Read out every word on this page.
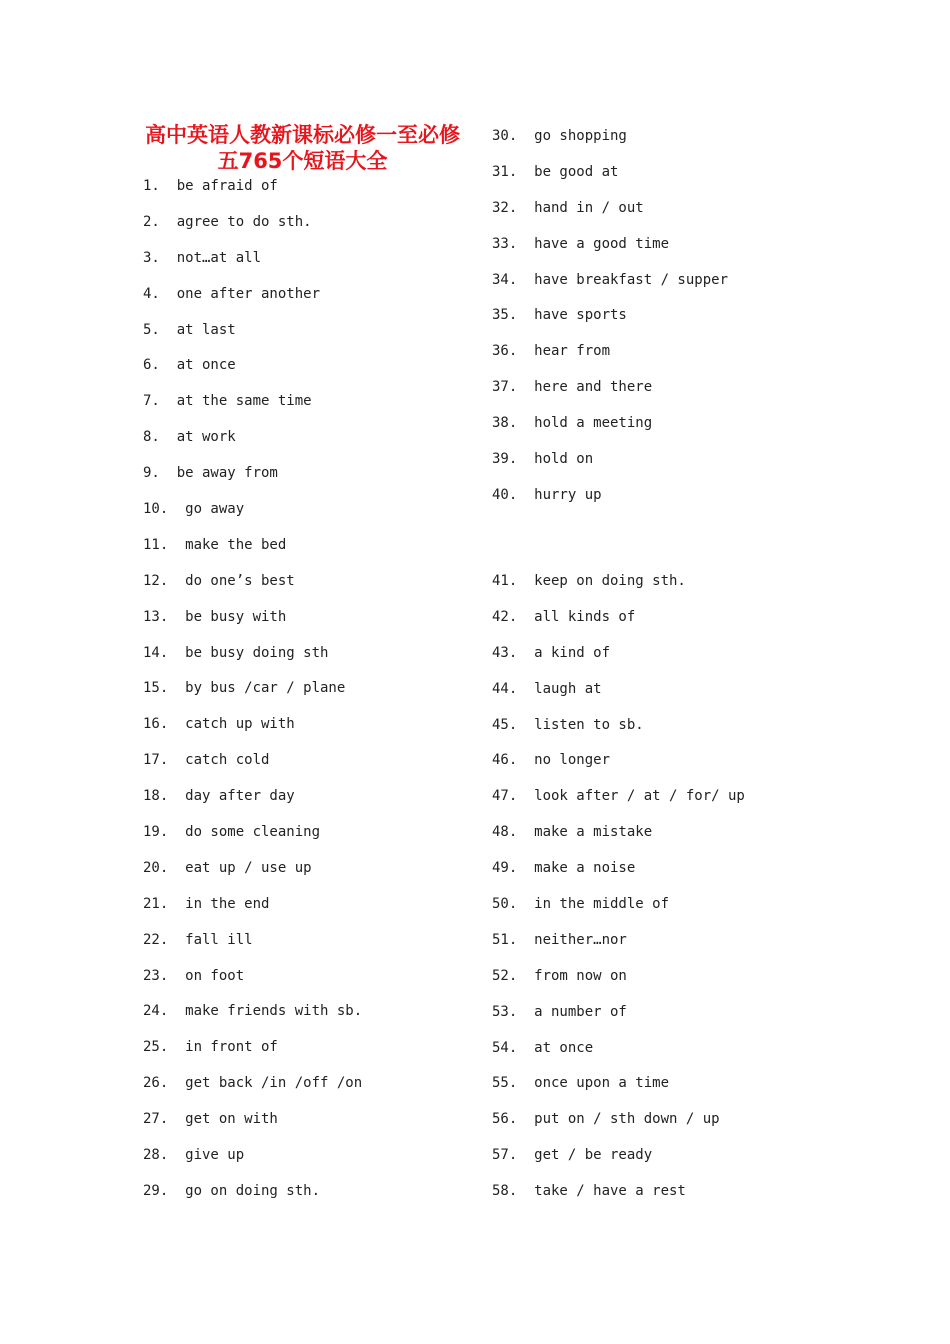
高中英语人教新课标必修一至必修五765个短语大全
1.  be afraid of
2.  agree to do sth.
3.  not…at all
4.  one after another
5.  at last
6.  at once
7.  at the same time
8.  at work
9.  be away from
10.  go away
11.  make the bed
12.  do one’s best
13.  be busy with
14.  be busy doing sth
15.  by bus /car / plane
16.  catch up with
17.  catch cold
18.  day after day
19.  do some cleaning
20.  eat up / use up
21.  in the end
22.  fall ill
23.  on foot
24.  make friends with sb.
25.  in front of
26.  get back /in /off /on
27.  get on with
28.  give up
29.  go on doing sth.
30.  go shopping
31.  be good at
32.  hand in / out
33.  have a good time
34.  have breakfast / supper
35.  have sports
36.  hear from
37.  here and there
38.  hold a meeting
39.  hold on
40.  hurry up
41.  keep on doing sth.
42.  all kinds of
43.  a kind of
44.  laugh at
45.  listen to sb.
46.  no longer
47.  look after / at / for/ up
48.  make a mistake
49.  make a noise
50.  in the middle of
51.  neither…nor
52.  from now on
53.  a number of
54.  at once
55.  once upon a time
56.  put on / sth down / up
57.  get / be ready
58.  take / have a rest
